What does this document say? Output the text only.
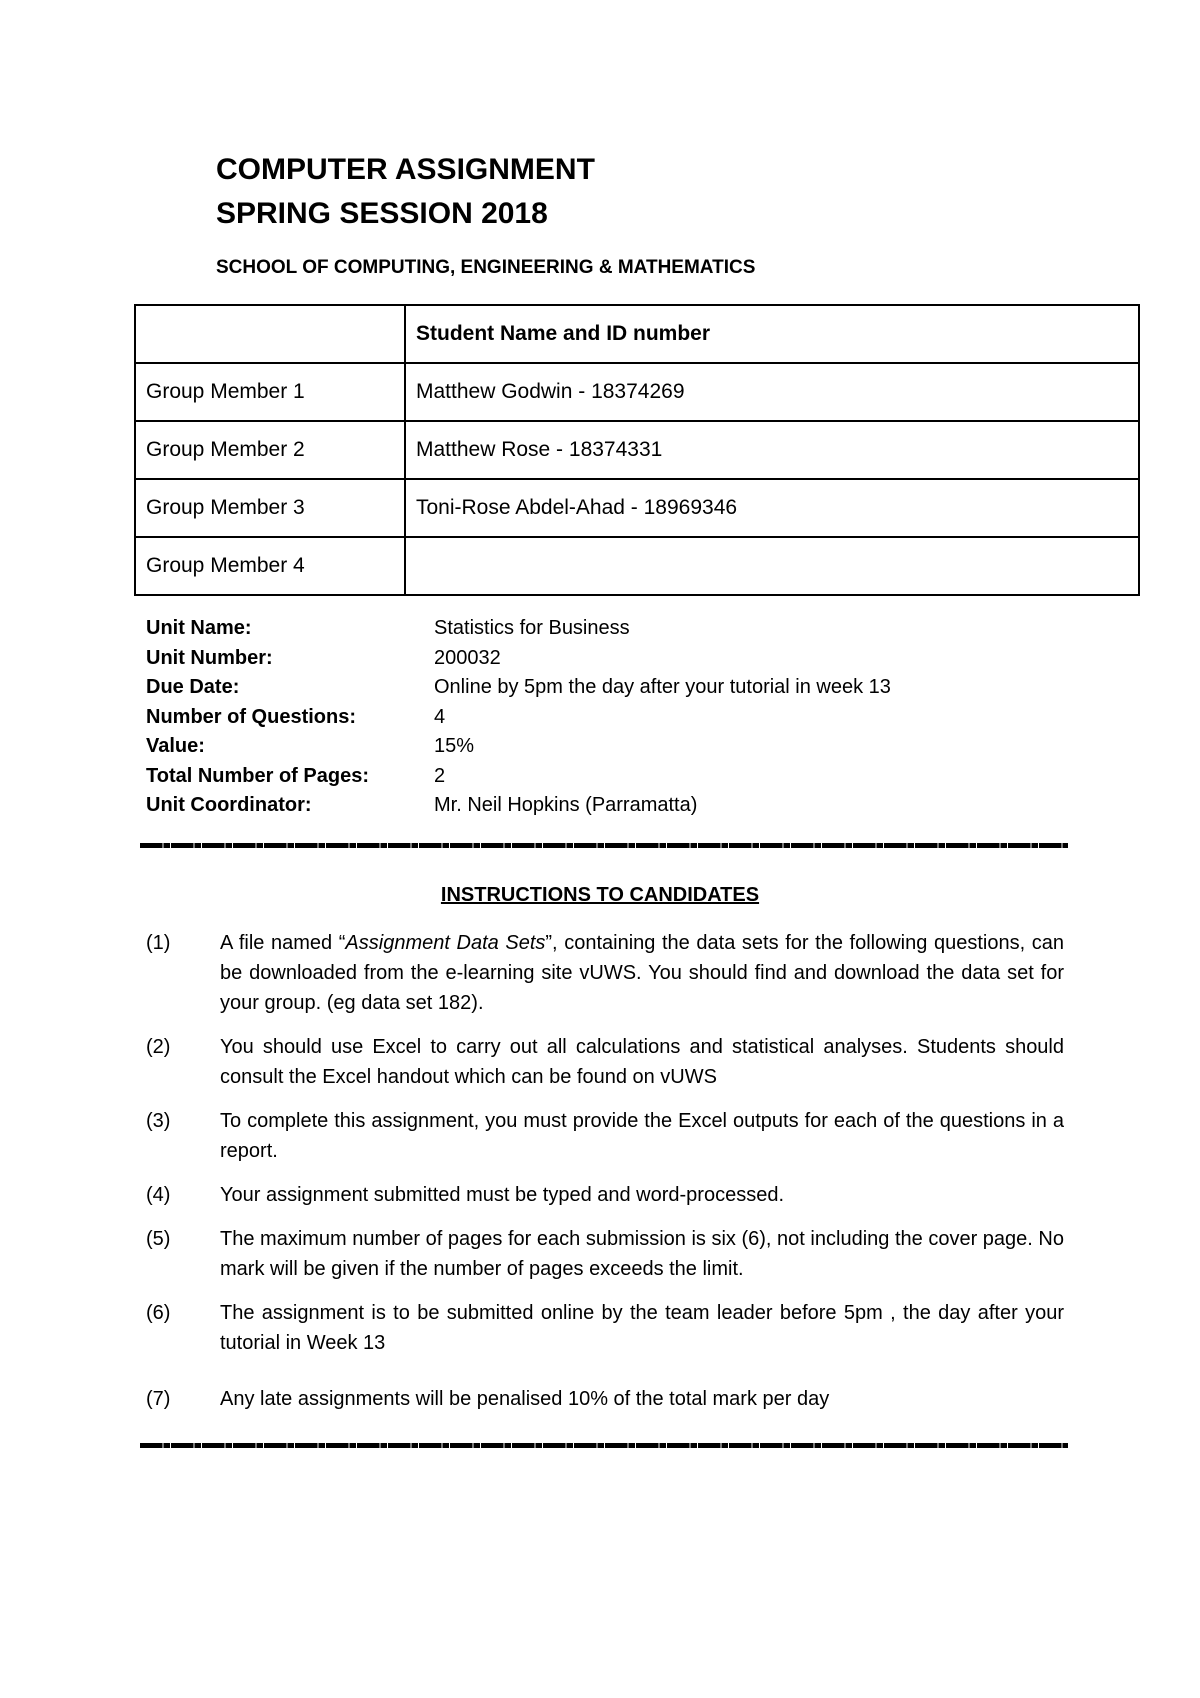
COMPUTER ASSIGNMENT
SPRING SESSION 2018

SCHOOL OF COMPUTING, ENGINEERING & MATHEMATICS

	Student Name and ID number
Group Member 1	Matthew Godwin - 18374269
Group Member 2	Matthew Rose - 18374331
Group Member 3	Toni-Rose Abdel-Ahad - 18969346
Group Member 4	
Unit Name:	Statistics for Business
Unit Number:	200032
Due Date:	Online by 5pm the day after your tutorial in week 13
Number of Questions:	4
Value:	15%
Total Number of Pages:	2
Unit Coordinator:	Mr. Neil Hopkins (Parramatta)

INSTRUCTIONS TO CANDIDATES

(1)	A file named “Assignment Data Sets”, containing the data sets for the following questions, can be downloaded from the e-learning site vUWS. You should find and download the data set for your group. (eg data set 182).
(2)	You should use Excel to carry out all calculations and statistical analyses. Students should consult the Excel handout which can be found on vUWS
(3)	To complete this assignment, you must provide the Excel outputs for each of the questions in a report.
(4)	Your assignment submitted must be typed and word-processed.
(5)	The maximum number of pages for each submission is six (6), not including the cover page. No mark will be given if the number of pages exceeds the limit.
(6)	The assignment is to be submitted online by the team leader before 5pm , the day after your tutorial in Week 13
(7)	Any late assignments will be penalised 10% of the total mark per day
